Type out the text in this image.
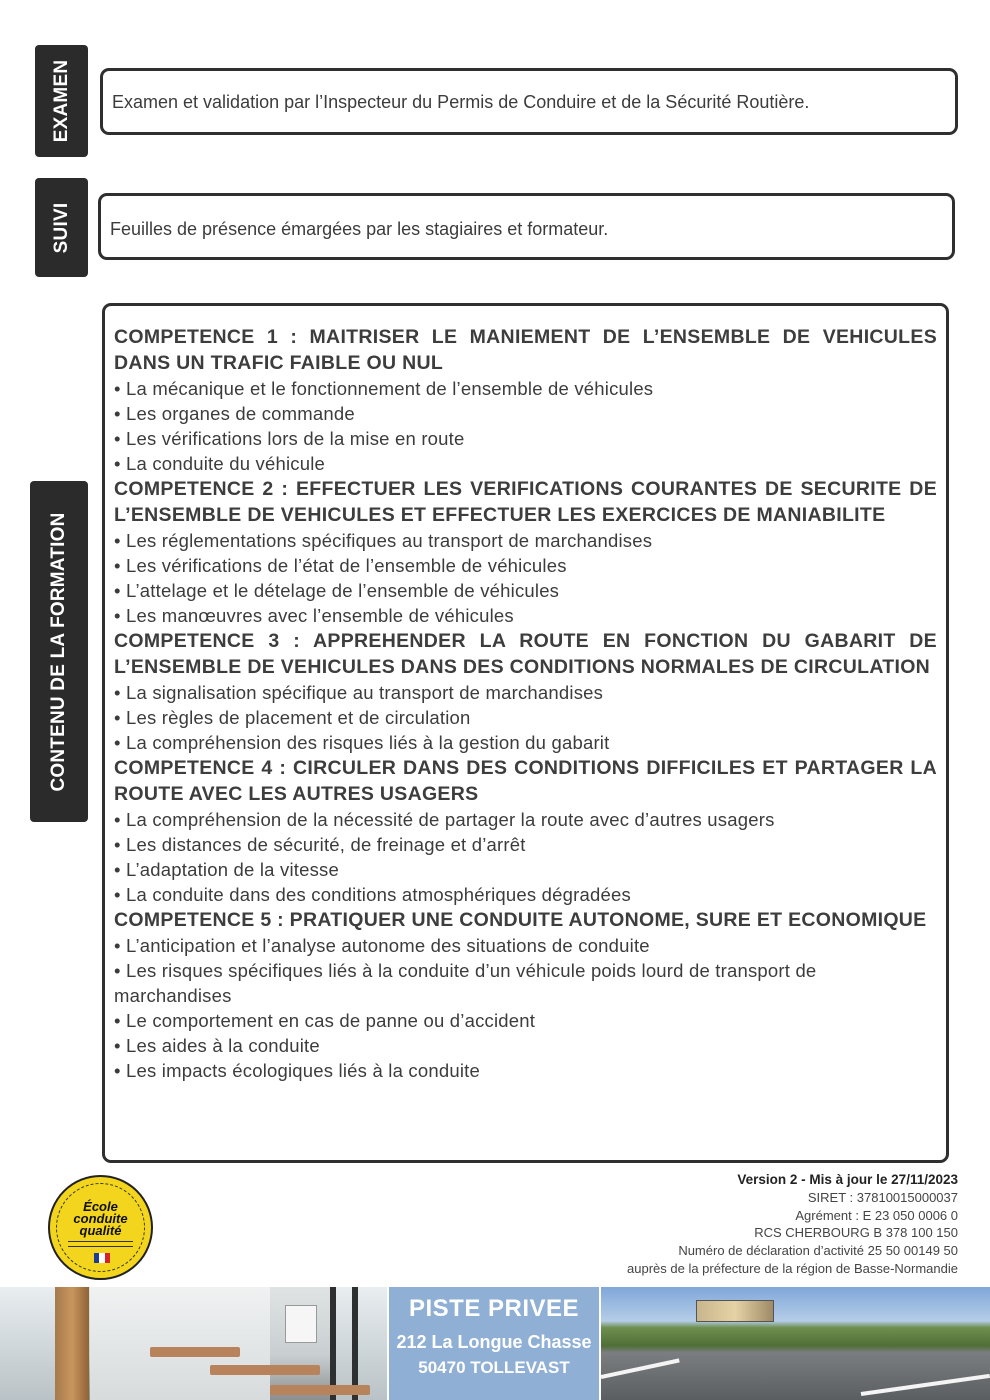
EXAMEN Examen et validation par l’Inspecteur du Permis de Conduire et de la Sécurité Routière.
SUIVI Feuilles de présence émargées par les stagiaires et formateur.
CONTENU DE LA FORMATION
COMPETENCE 1 : MAITRISER LE MANIEMENT DE L’ENSEMBLE DE VEHICULES DANS UN TRAFIC FAIBLE OU NUL
• La mécanique et le fonctionnement de l’ensemble de véhicules
• Les organes de commande
• Les vérifications lors de la mise en route
• La conduite du véhicule
COMPETENCE 2 : EFFECTUER LES VERIFICATIONS COURANTES DE SECURITE DE L’ENSEMBLE DE VEHICULES ET EFFECTUER LES EXERCICES DE MANIABILITE
• Les réglementations spécifiques au transport de marchandises
• Les vérifications de l’état de l’ensemble de véhicules
• L’attelage et le dételage de l’ensemble de véhicules
• Les manœuvres avec l’ensemble de véhicules
COMPETENCE 3 : APPREHENDER LA ROUTE EN FONCTION DU GABARIT DE L’ENSEMBLE DE VEHICULES DANS DES CONDITIONS NORMALES DE CIRCULATION
• La signalisation spécifique au transport de marchandises
• Les règles de placement et de circulation
• La compréhension des risques liés à la gestion du gabarit
COMPETENCE 4 : CIRCULER DANS DES CONDITIONS DIFFICILES ET PARTAGER LA ROUTE AVEC LES AUTRES USAGERS
• La compréhension de la nécessité de partager la route avec d’autres usagers
• Les distances de sécurité, de freinage et d’arrêt
• L’adaptation de la vitesse
• La conduite dans des conditions atmosphériques dégradées
COMPETENCE 5 : PRATIQUER UNE CONDUITE AUTONOME, SURE ET ECONOMIQUE
• L’anticipation et l’analyse autonome des situations de conduite
• Les risques spécifiques liés à la conduite d’un véhicule poids lourd de transport de marchandises
• Le comportement en cas de panne ou d’accident
• Les aides à la conduite
• Les impacts écologiques liés à la conduite
École
conduite
qualité
Version 2 - Mis à jour le 27/11/2023
SIRET : 37810015000037
Agrément : E 23 050 0006 0
RCS CHERBOURG B 378 100 150
Numéro de déclaration d’activité 25 50 00149 50
auprès de la préfecture de la région de Basse-Normandie
PISTE PRIVEE
212 La Longue Chasse
50470 TOLLEVAST
